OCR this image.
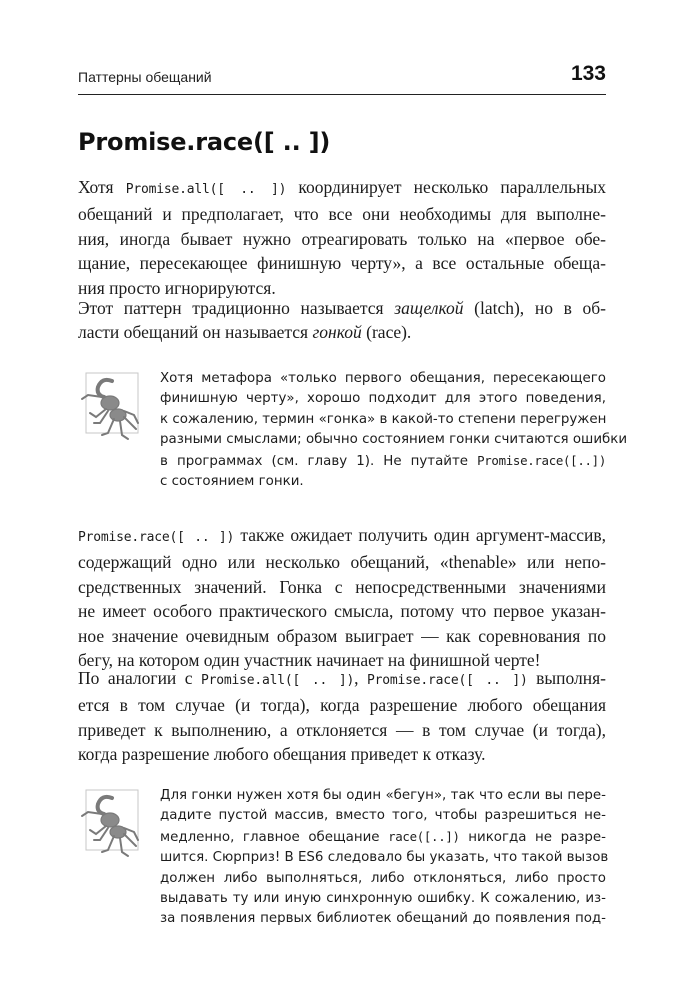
Паттерны обещаний	133
Promise.race([ .. ])

Хотя Promise.all([ .. ]) координирует несколько параллельных
обещаний и предполагает, что все они необходимы для выполне-
ния, иногда бывает нужно отреагировать только на «первое обе-
щание, пересекающее финишную черту», а все остальные обеща-
ния просто игнорируются.

Этот паттерн традиционно называется защелкой (latch), но в об-
ласти обещаний он называется гонкой (race).

Хотя метафора «только первого обещания, пересекающего
финишную черту», хорошо подходит для этого поведения,
к сожалению, термин «гонка» в какой-то степени перегружен
разными смыслами; обычно состоянием гонки считаются ошибки
в программах (см. главу 1). Не путайте Promise.race([..])
с состоянием гонки.

Promise.race([ .. ]) также ожидает получить один аргумент-массив,
содержащий одно или несколько обещаний, «thenable» или непо-
средственных значений. Гонка с непосредственными значениями
не имеет особого практического смысла, потому что первое указан-
ное значение очевидным образом выиграет — как соревнования по
бегу, на котором один участник начинает на финишной черте!

По аналогии с Promise.all([ .. ]), Promise.race([ .. ]) выполня-
ется в том случае (и тогда), когда разрешение любого обещания
приведет к выполнению, а отклоняется — в том случае (и тогда),
когда разрешение любого обещания приведет к отказу.

Для гонки нужен хотя бы один «бегун», так что если вы пере-
дадите пустой массив, вместо того, чтобы разрешиться не-
медленно, главное обещание race([..]) никогда не разре-
шится. Сюрприз! В ES6 следовало бы указать, что такой вызов
должен либо выполняться, либо отклоняться, либо просто
выдавать ту или иную синхронную ошибку. К сожалению, из-
за появления первых библиотек обещаний до появления под-
